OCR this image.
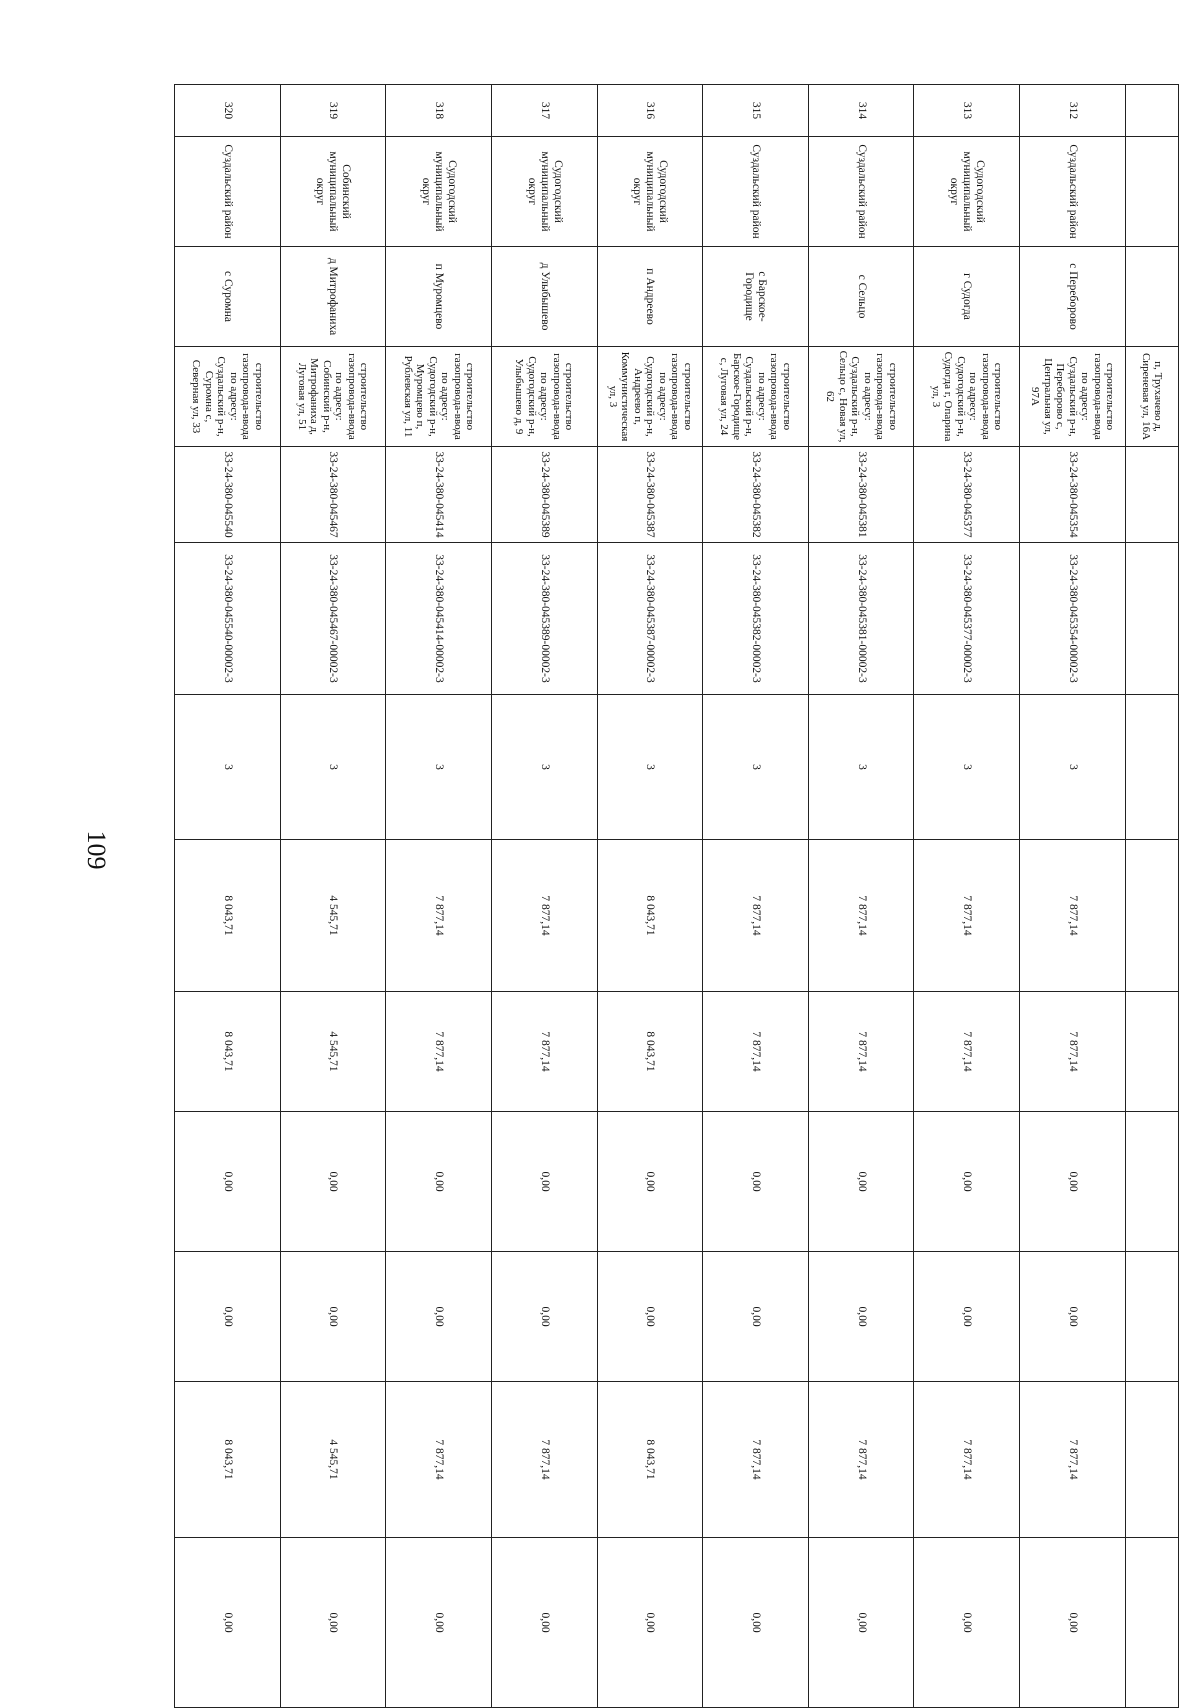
109
			п, Трухачево д, Сиреневая ул, 16А									
312	Суздальский район	с Переборово	строительство газопровода-ввода по адресу: Суздальский р-н, Переборово с, Центральная ул, 97А	33-24-380-045354	33-24-380-045354-00002-3	3	7 877,14	7 877,14	0,00	0,00	7 877,14	0,00
313	Судогодский муниципальный округ	г Судогда	строительство газопровода-ввода по адресу: Судогодский р-н, Судогда г, Опарина ул, 3	33-24-380-045377	33-24-380-045377-00002-3	3	7 877,14	7 877,14	0,00	0,00	7 877,14	0,00
314	Суздальский район	с Сельцо	строительство газопровода-ввода по адресу: Суздальский р-н, Сельцо с, Новая ул, 62	33-24-380-045381	33-24-380-045381-00002-3	3	7 877,14	7 877,14	0,00	0,00	7 877,14	0,00
315	Суздальский район	с Барское-Городище	строительство газопровода-ввода по адресу: Суздальский р-н, Барское-Городище с, Луговая ул, 24	33-24-380-045382	33-24-380-045382-00002-3	3	7 877,14	7 877,14	0,00	0,00	7 877,14	0,00
316	Судогодский муниципальный округ	п Андреево	строительство газопровода-ввода по адресу: Судогодский р-н, Андреево п, Коммунистическая ул, 3	33-24-380-045387	33-24-380-045387-00002-3	3	8 043,71	8 043,71	0,00	0,00	8 043,71	0,00
317	Судогодский муниципальный округ	д Улыбышево	строительство газопровода-ввода по адресу: Судогодский р-н, Улыбышево д, 9	33-24-380-045389	33-24-380-045389-00002-3	3	7 877,14	7 877,14	0,00	0,00	7 877,14	0,00
318	Судогодский муниципальный округ	п Муромцево	строительство газопровода-ввода по адресу: Судогодский р-н, Муромцево п, Рублевская ул, 11	33-24-380-045414	33-24-380-045414-00002-3	3	7 877,14	7 877,14	0,00	0,00	7 877,14	0,00
319	Собинский муниципальный округ	д Митрофаниха	строительство газопровода-ввода по адресу: Собинский р-н, Митрофаниха д, Луговая ул, 51	33-24-380-045467	33-24-380-045467-00002-3	3	4 545,71	4 545,71	0,00	0,00	4 545,71	0,00
320	Суздальский район	с Суромна	строительство газопровода-ввода по адресу: Суздальский р-н, Суромна с, Северная ул, 33	33-24-380-045540	33-24-380-045540-00002-3	3	8 043,71	8 043,71	0,00	0,00	8 043,71	0,00
